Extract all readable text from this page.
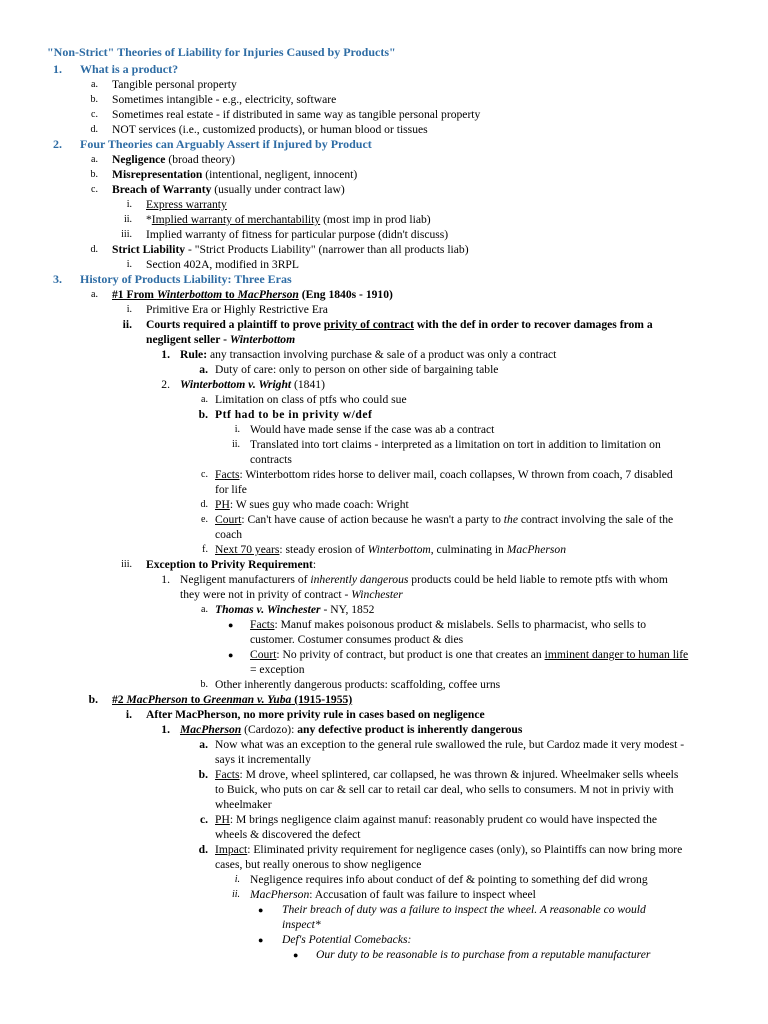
"Non-Strict" Theories of Liability for Injuries Caused by Products"
1. What is a product?
a. Tangible personal property
b. Sometimes intangible - e.g., electricity, software
c. Sometimes real estate - if distributed in same way as tangible personal property
d. NOT services (i.e., customized products), or human blood or tissues
2. Four Theories can Arguably Assert if Injured by Product
a. Negligence (broad theory)
b. Misrepresentation (intentional, negligent, innocent)
c. Breach of Warranty (usually under contract law)
i. Express warranty
ii. *Implied warranty of merchantability (most imp in prod liab)
iii. Implied warranty of fitness for particular purpose (didn't discuss)
d. Strict Liability - "Strict Products Liability" (narrower than all products liab)
i. Section 402A, modified in 3RPL
3. History of Products Liability: Three Eras
a. #1 From Winterbottom to MacPherson (Eng 1840s - 1910)
i. Primitive Era or Highly Restrictive Era
ii. Courts required a plaintiff to prove privity of contract with the def in order to recover damages from a
negligent seller - Winterbottom
1. Rule: any transaction involving purchase & sale of a product was only a contract
a. Duty of care: only to person on other side of bargaining table
2. Winterbottom v. Wright (1841)
a. Limitation on class of ptfs who could sue
b. Ptf had to be in privity w/def
i. Would have made sense if the case was ab a contract
ii. Translated into tort claims - interpreted as a limitation on tort in addition to limitation on
contracts
c. Facts: Winterbottom rides horse to deliver mail, coach collapses, W thrown from coach, 7 disabled
for life
d. PH: W sues guy who made coach: Wright
e. Court: Can't have cause of action because he wasn't a party to the contract involving the sale of the
coach
f. Next 70 years: steady erosion of Winterbottom, culminating in MacPherson
iii. Exception to Privity Requirement:
1. Negligent manufacturers of inherently dangerous products could be held liable to remote ptfs with whom
they were not in privity of contract - Winchester
a. Thomas v. Winchester - NY, 1852
● Facts: Manuf makes poisonous product & mislabels. Sells to pharmacist, who sells to
customer. Costumer consumes product & dies
● Court: No privity of contract, but product is one that creates an imminent danger to human life
= exception
b. Other inherently dangerous products: scaffolding, coffee urns
b. #2 MacPherson to Greenman v. Yuba (1915-1955)
i. After MacPherson, no more privity rule in cases based on negligence
1. MacPherson (Cardozo): any defective product is inherently dangerous
a. Now what was an exception to the general rule swallowed the rule, but Cardoz made it very modest -
says it incrementally
b. Facts: M drove, wheel splintered, car collapsed, he was thrown & injured. Wheelmaker sells wheels
to Buick, who puts on car & sell car to retail car deal, who sells to consumers. M not in priviy with
wheelmaker
c. PH: M brings negligence claim against manuf: reasonably prudent co would have inspected the
wheels & discovered the defect
d. Impact: Eliminated privity requirement for negligence cases (only), so Plaintiffs can now bring more
cases, but really onerous to show negligence
i. Negligence requires info about conduct of def & pointing to something def did wrong
ii. MacPherson: Accusation of fault was failure to inspect wheel
● Their breach of duty was a failure to inspect the wheel. A reasonable co would
inspect*
● Def's Potential Comebacks:
● Our duty to be reasonable is to purchase from a reputable manufacturer
